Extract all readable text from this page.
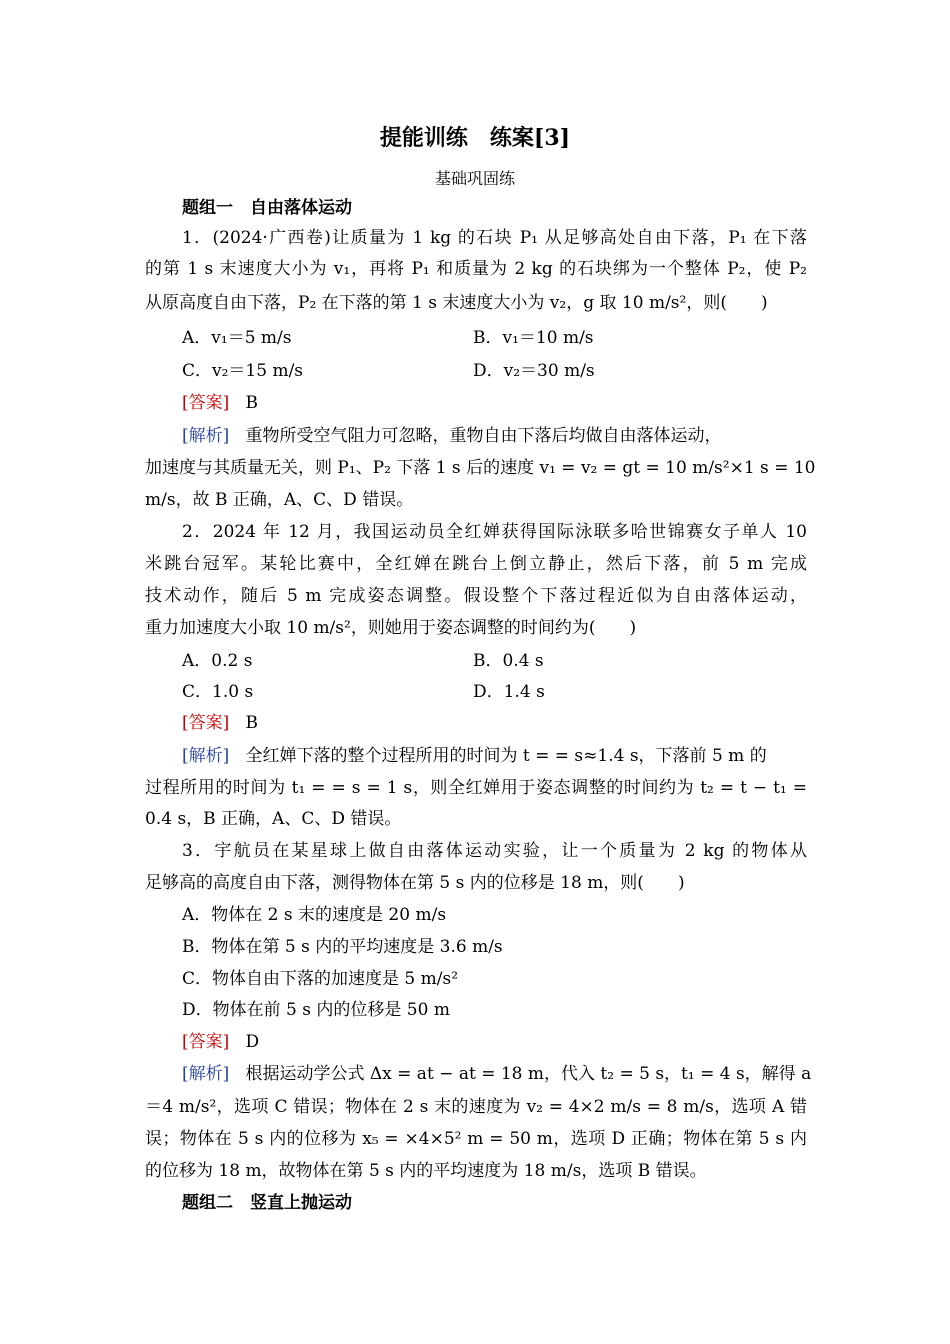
提能训练　练案[3]
基础巩固练
题组一　自由落体运动
1．(2024·广西卷)让质量为 1 kg 的石块 P₁ 从足够高处自由下落，P₁ 在下落
的第 1 s 末速度大小为 v₁，再将 P₁ 和质量为 2 kg 的石块绑为一个整体 P₂，使 P₂
从原高度自由下落，P₂ 在下落的第 1 s 末速度大小为 v₂，g 取 10 m/s²，则(　　)
A．v₁＝5 m/s	B．v₁＝10 m/s
C．v₂＝15 m/s	D．v₂＝30 m/s
[答案] B
[解析] 重物所受空气阻力可忽略，重物自由下落后均做自由落体运动，
加速度与其质量无关，则 P₁、P₂ 下落 1 s 后的速度 v₁ = v₂ = gt = 10 m/s²×1 s = 10
m/s，故 B 正确，A、C、D 错误。
2．2024 年 12 月，我国运动员全红婵获得国际泳联多哈世锦赛女子单人 10
米跳台冠军。某轮比赛中，全红婵在跳台上倒立静止，然后下落，前 5 m 完成
技术动作，随后 5 m 完成姿态调整。假设整个下落过程近似为自由落体运动，
重力加速度大小取 10 m/s²，则她用于姿态调整的时间约为(　　)
A．0.2 s	B．0.4 s
C．1.0 s	D．1.4 s
[答案] B
[解析] 全红婵下落的整个过程所用的时间为 t = = s≈1.4 s，下落前 5 m 的
过程所用的时间为 t₁ = = s = 1 s，则全红婵用于姿态调整的时间约为 t₂ = t − t₁ =
0.4 s，B 正确，A、C、D 错误。
3．宇航员在某星球上做自由落体运动实验，让一个质量为 2 kg 的物体从
足够高的高度自由下落，测得物体在第 5 s 内的位移是 18 m，则(　　)
A．物体在 2 s 末的速度是 20 m/s
B．物体在第 5 s 内的平均速度是 3.6 m/s
C．物体自由下落的加速度是 5 m/s²
D．物体在前 5 s 内的位移是 50 m
[答案] D
[解析] 根据运动学公式 Δx = at − at = 18 m，代入 t₂ = 5 s，t₁ = 4 s，解得 a
＝4 m/s²，选项 C 错误；物体在 2 s 末的速度为 v₂ = 4×2 m/s = 8 m/s，选项 A 错
误；物体在 5 s 内的位移为 x₅ = ×4×5² m = 50 m，选项 D 正确；物体在第 5 s 内
的位移为 18 m，故物体在第 5 s 内的平均速度为 18 m/s，选项 B 错误。
题组二　竖直上抛运动
